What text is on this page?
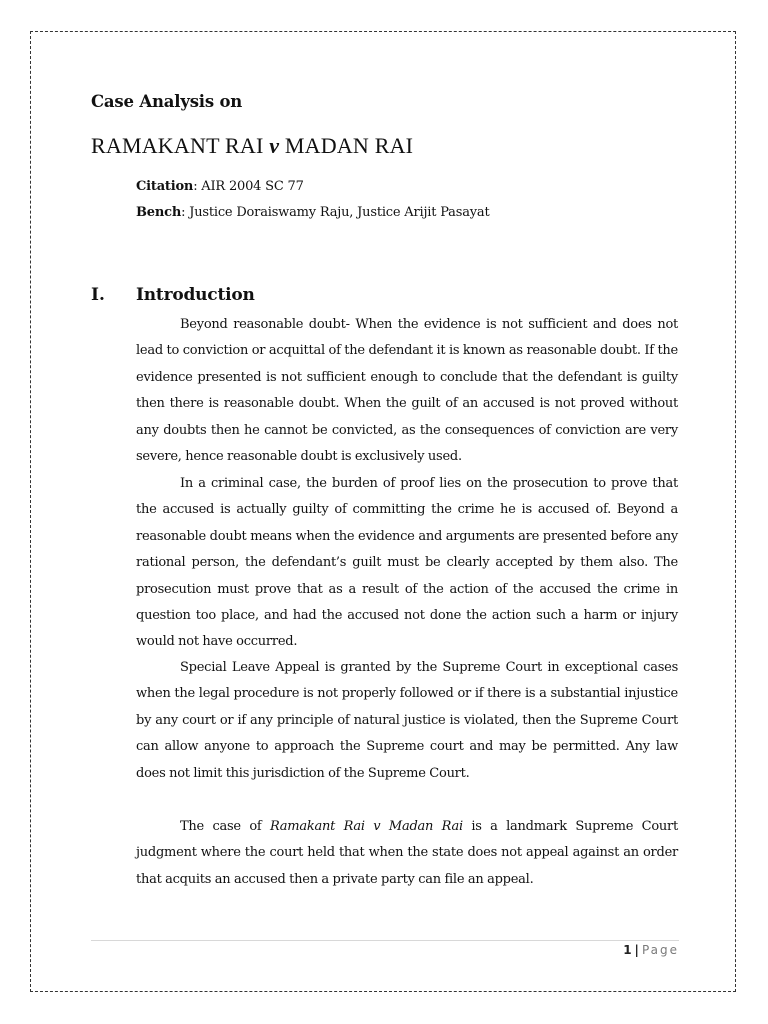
Case Analysis on
RAMAKANT RAI v MADAN RAI
Citation: AIR 2004 SC 77
Bench: Justice Doraiswamy Raju, Justice Arijit Pasayat
I. Introduction

Beyond reasonable doubt- When the evidence is not sufficient and does not lead to conviction or acquittal of the defendant it is known as reasonable doubt. If the evidence presented is not sufficient enough to conclude that the defendant is guilty then there is reasonable doubt. When the guilt of an accused is not proved without any doubts then he cannot be convicted, as the consequences of conviction are very severe, hence reasonable doubt is exclusively used.

In a criminal case, the burden of proof lies on the prosecution to prove that the accused is actually guilty of committing the crime he is accused of. Beyond a reasonable doubt means when the evidence and arguments are presented before any rational person, the defendant’s guilt must be clearly accepted by them also. The prosecution must prove that as a result of the action of the accused the crime in question too place, and had the accused not done the action such a harm or injury would not have occurred.

Special Leave Appeal is granted by the Supreme Court in exceptional cases when the legal procedure is not properly followed or if there is a substantial injustice by any court or if any principle of natural justice is violated, then the Supreme Court can allow anyone to approach the Supreme court and may be permitted. Any law does not limit this jurisdiction of the Supreme Court.

The case of Ramakant Rai v Madan Rai is a landmark Supreme Court judgment where the court held that when the state does not appeal against an order that acquits an accused then a private party can file an appeal.

1 | Page
